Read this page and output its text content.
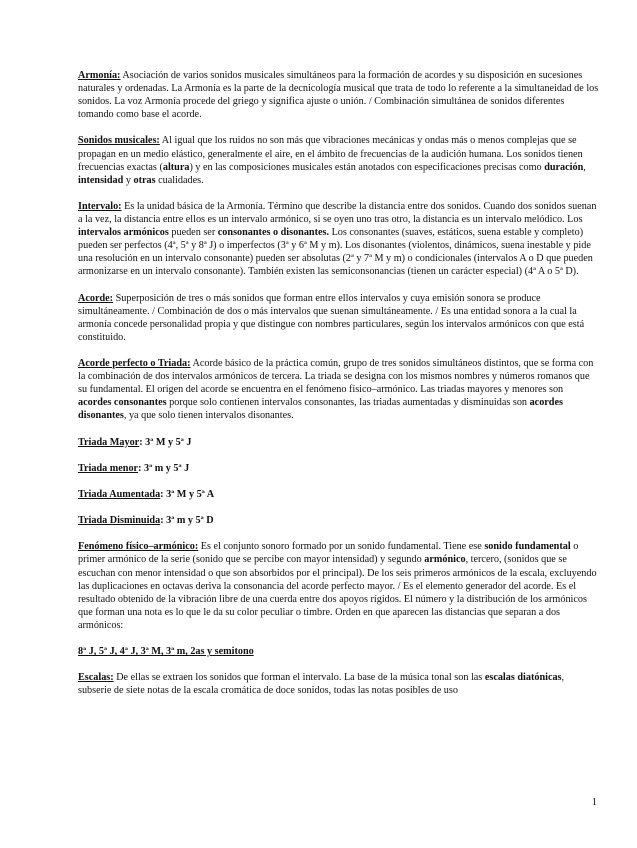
Armonía: Asociación de varios sonidos musicales simultáneos para la formación de acordes y su disposición en sucesiones naturales y ordenadas. La Armonía es la parte de la decnicología musical que trata de todo lo referente a la simultaneidad de los sonidos. La voz Armonía procede del griego y significa ajuste o unión. / Combinación simultánea de sonidos diferentes tomando como base el acorde.

Sonidos musicales: Al igual que los ruidos no son más que vibraciones mecánicas y ondas más o menos complejas que se propagan en un medio elástico, generalmente el aire, en el ámbito de frecuencias de la audición humana. Los sonidos tienen frecuencias exactas (altura) y en las composiciones musicales están anotados con especificaciones precisas como duración, intensidad y otras cualidades.

Intervalo: Es la unidad básica de la Armonía. Término que describe la distancia entre dos sonidos. Cuando dos sonidos suenan a la vez, la distancia entre ellos es un intervalo armónico, si se oyen uno tras otro, la distancia es un intervalo melódico. Los intervalos armónicos pueden ser consonantes o disonantes. Los consonantes (suaves, estáticos, suena estable y completo) pueden ser perfectos (4ª, 5ª y 8ª J) o imperfectos (3ª y 6ª M y m). Los disonantes (violentos, dinámicos, suena inestable y pide una resolución en un intervalo consonante) pueden ser absolutas (2ª y 7ª M y m) o condicionales (intervalos A o D que pueden armonizarse en un intervalo consonante). También existen las semiconsonancias (tienen un carácter especial) (4ª A o 5ª D).

Acorde: Superposición de tres o más sonidos que forman entre ellos intervalos y cuya emisión sonora se produce simultáneamente. / Combinación de dos o más intervalos que suenan simultáneamente. / Es una entidad sonora a la cual la armonía concede personalidad propia y que distingue con nombres particulares, según los intervalos armónicos con que está constituido.

Acorde perfecto o Triada: Acorde básico de la práctica común, grupo de tres sonidos simultáneos distintos, que se forma con la combinación de dos intervalos armónicos de tercera. La triada se designa con los mismos nombres y números romanos que su fundamental. El origen del acorde se encuentra en el fenómeno físico–armónico. Las triadas mayores y menores son acordes consonantes porque solo contienen intervalos consonantes, las triadas aumentadas y disminuidas son acordes disonantes, ya que solo tienen intervalos disonantes.

Triada Mayor: 3ª M y 5ª J

Triada menor: 3ª m y 5ª J

Triada Aumentada: 3ª M y 5ª A

Triada Disminuida: 3ª m y 5ª D

Fenómeno físico–armónico: Es el conjunto sonoro formado por un sonido fundamental. Tiene ese sonido fundamental o primer armónico de la serie (sonido que se percibe con mayor intensidad) y segundo armónico, tercero, (sonidos que se escuchan con menor intensidad o que son absorbidos por el principal). De los seis primeros armónicos de la escala, excluyendo las duplicaciones en octavas deriva la consonancia del acorde perfecto mayor. / Es el elemento generador del acorde. Es el resultado obtenido de la vibración libre de una cuerda entre dos apoyos rígidos. El número y la distribución de los armónicos que forman una nota es lo que le da su color peculiar o timbre. Orden en que aparecen las distancias que separan a dos armónicos:

8ª J, 5ª J, 4ª J, 3ª M, 3ª m, 2as y semitono

Escalas: De ellas se extraen los sonidos que forman el intervalo. La base de la música tonal son las escalas diatónicas, subserie de siete notas de la escala cromática de doce sonidos, todas las notas posibles de uso

1
